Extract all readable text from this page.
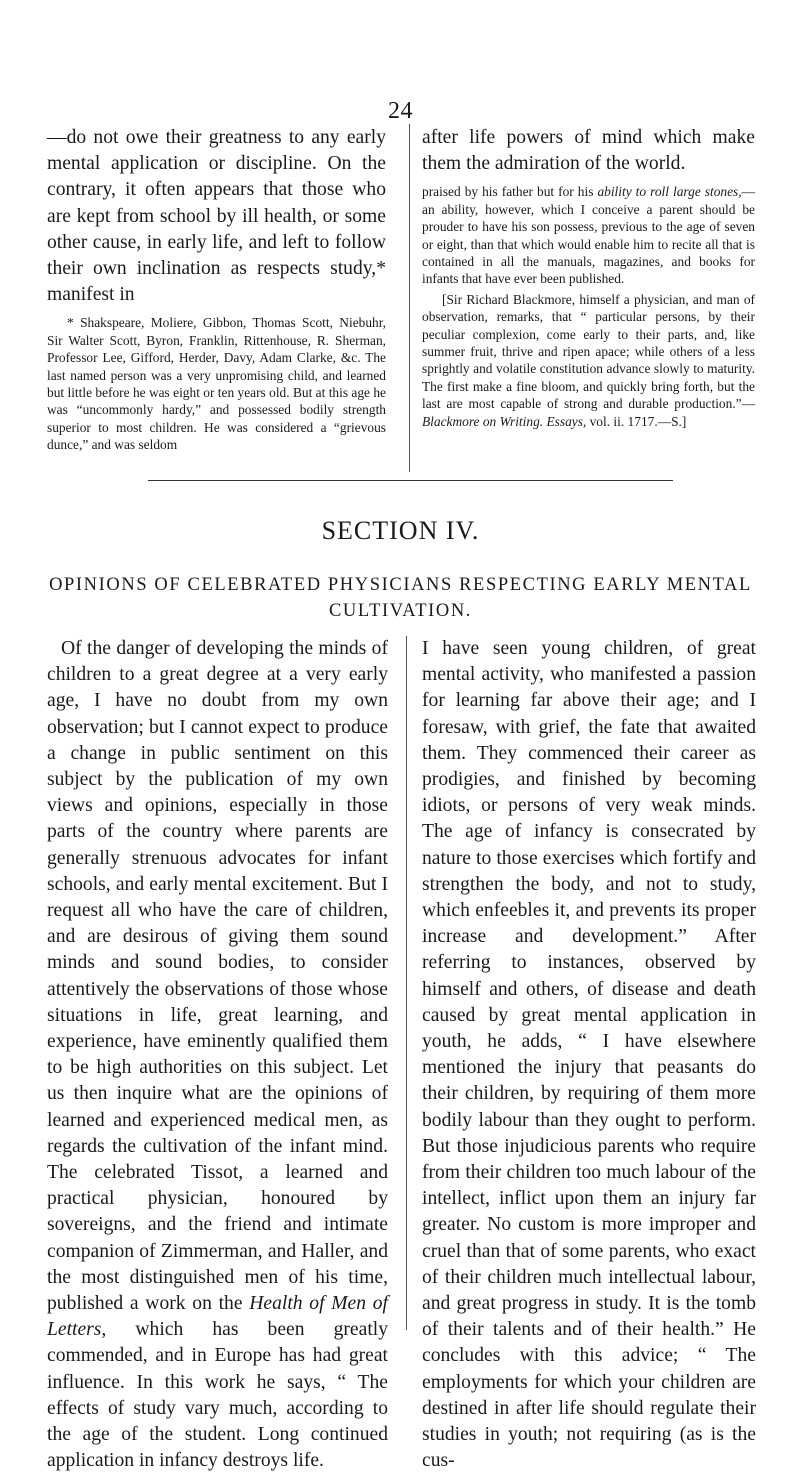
24

—do not owe their greatness to any early mental application or discipline. On the contrary, it often appears that those who are kept from school by ill health, or some other cause, in early life, and left to follow their own inclination as respects study,* manifest in

* Shakspeare, Moliere, Gibbon, Thomas Scott, Niebuhr, Sir Walter Scott, Byron, Franklin, Rittenhouse, R. Sherman, Professor Lee, Gifford, Herder, Davy, Adam Clarke, &c. The last named person was a very unpromising child, and learned but little before he was eight or ten years old. But at this age he was “uncommonly hardy,” and possessed bodily strength superior to most children. He was considered a “grievous dunce,” and was seldom

after life powers of mind which make them the admiration of the world.

praised by his father but for his ability to roll large stones,—an ability, however, which I conceive a parent should be prouder to have his son possess, previous to the age of seven or eight, than that which would enable him to recite all that is contained in all the manuals, magazines, and books for infants that have ever been published.

[Sir Richard Blackmore, himself a physician, and man of observation, remarks, that “ particular persons, by their peculiar complexion, come early to their parts, and, like summer fruit, thrive and ripen apace; while others of a less sprightly and volatile constitution advance slowly to maturity. The first make a fine bloom, and quickly bring forth, but the last are most capable of strong and durable production.”—Blackmore on Writing. Essays, vol. ii. 1717.—S.]

SECTION IV.
OPINIONS OF CELEBRATED PHYSICIANS RESPECTING EARLY MENTAL CULTIVATION.

Of the danger of developing the minds of children to a great degree at a very early age, I have no doubt from my own observation; but I cannot expect to produce a change in public sentiment on this subject by the publication of my own views and opinions, especially in those parts of the country where parents are generally strenuous advocates for infant schools, and early mental excitement. But I request all who have the care of children, and are desirous of giving them sound minds and sound bodies, to consider attentively the observations of those whose situations in life, great learning, and experience, have eminently qualified them to be high authorities on this subject. Let us then inquire what are the opinions of learned and experienced medical men, as regards the cultivation of the infant mind. The celebrated Tissot, a learned and practical physician, honoured by sovereigns, and the friend and intimate companion of Zimmerman, and Haller, and the most distinguished men of his time, published a work on the Health of Men of Letters, which has been greatly commended, and in Europe has had great influence. In this work he says, “ The effects of study vary much, according to the age of the student. Long continued application in infancy destroys life.

I have seen young children, of great mental activity, who manifested a passion for learning far above their age; and I foresaw, with grief, the fate that awaited them. They commenced their career as prodigies, and finished by becoming idiots, or persons of very weak minds. The age of infancy is consecrated by nature to those exercises which fortify and strengthen the body, and not to study, which enfeebles it, and prevents its proper increase and development.” After referring to instances, observed by himself and others, of disease and death caused by great mental application in youth, he adds, “ I have elsewhere mentioned the injury that peasants do their children, by requiring of them more bodily labour than they ought to perform. But those injudicious parents who require from their children too much labour of the intellect, inflict upon them an injury far greater. No custom is more improper and cruel than that of some parents, who exact of their children much intellectual labour, and great progress in study. It is the tomb of their talents and of their health.” He concludes with this advice; “ The employments for which your children are destined in after life should regulate their studies in youth; not requiring (as is the cus-
